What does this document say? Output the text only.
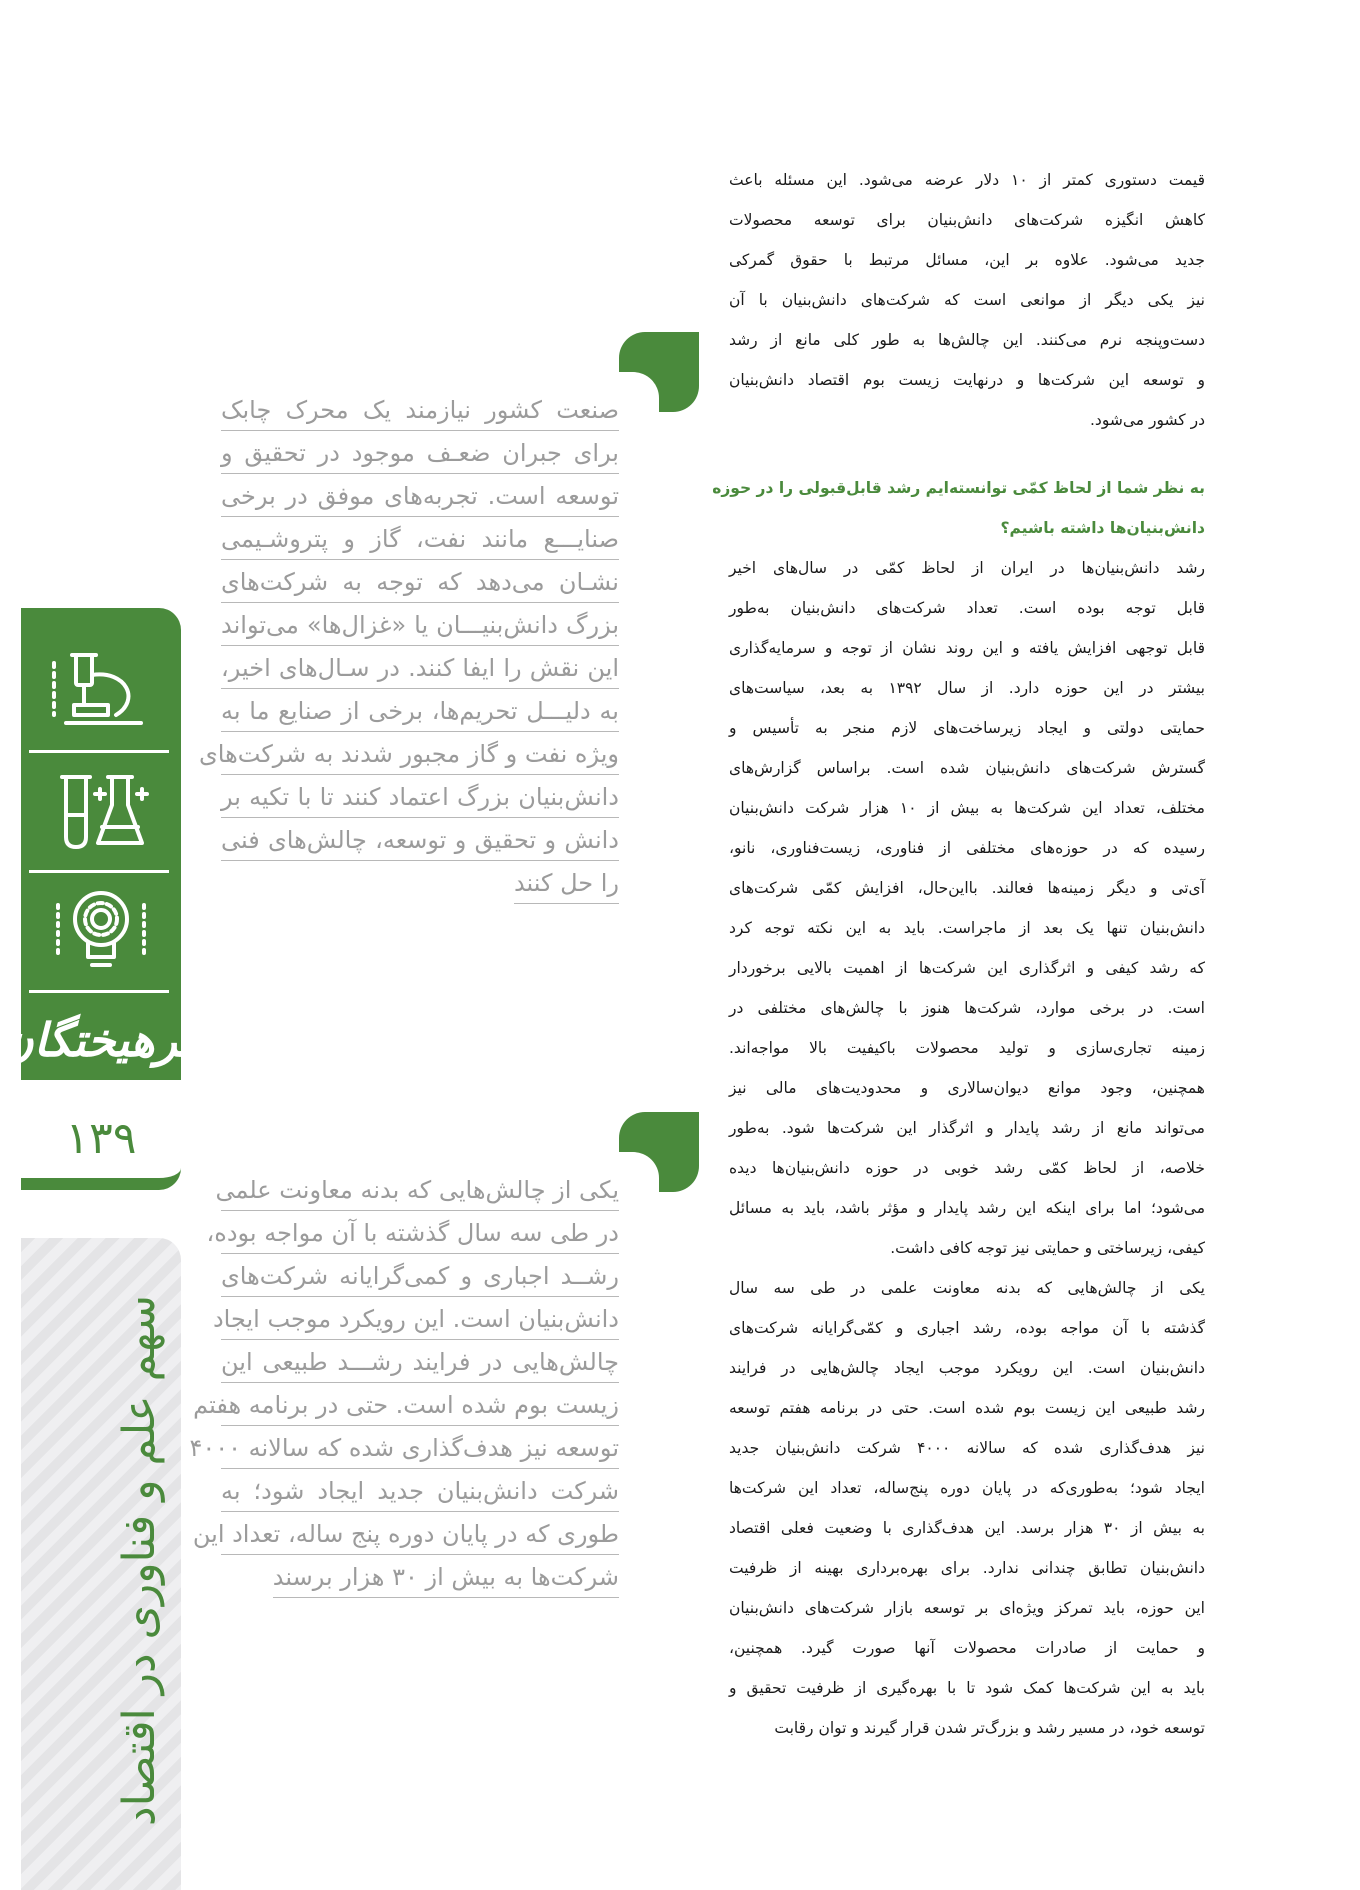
فرهیختگان
۱۳۹
سهم علم و فناوری در اقتصاد
صنعت کشور نیازمند یک محرک چابک
برای جبران ضعـف موجود در تحقیق و
توسعه است. تجربه‌های موفق در برخی
صنایـــع مانند نفت، گاز و پتروشـیمی
نشـان می‌دهد که توجه به شرکت‌های
بزرگ دانش‌بنیـــان یا «غزال‌ها» می‌تواند
این نقش را ایفا کنند. در سـال‌های اخیر،
به دلیـــل تحریم‌ها، برخی از صنایع ما به
ویژه نفت و گاز مجبور شدند به شرکت‌های
دانش‌بنیان بزرگ اعتماد کنند تا با تکیه بر
دانش و تحقیق و توسعه، چالش‌های فنی
را حل کنند
یکی از چالش‌هایی که بدنه معاونت علمی
در طی سه سال گذشته با آن مواجه بوده،
رشــد اجباری و کمی‌گرایانه شرکت‌های
دانش‌بنیان است. این رویکرد موجب ایجاد
چالش‌هایی در فرایند رشـــد طبیعی این
زیست بوم شده است. حتی در برنامه هفتم
توسعه نیز هدف‌گذاری شده که سالانه ۴۰۰۰
شرکت دانش‌بنیان جدید ایجاد شود؛ به
طوری که در پایان دوره پنج ساله، تعداد این
شرکت‌ها به بیش از ۳۰ هزار برسند

قیمت دستوری کمتر از ۱۰ دلار عرضه می‌شود. این مسئله باعث
کاهش انگیزه شرکت‌های دانش‌بنیان برای توسعه محصولات
جدید می‌شود. علاوه بر این، مسائل مرتبط با حقوق گمرکی
نیز یکی دیگر از موانعی است که شرکت‌های دانش‌بنیان با آن
دست‌وپنجه نرم می‌کنند. این چالش‌ها به طور کلی مانع از رشد
و توسعه این شرکت‌ها و درنهایت زیست بوم اقتصاد دانش‌بنیان
در کشور می‌شود.

به نظر شما از لحاظ کمّی توانسته‌ایم رشد قابل‌قبولی را در حوزه
دانش‌بنیان‌ها داشته باشیم؟

رشد دانش‌بنیان‌ها در ایران از لحاظ کمّی در سال‌های اخیر
قابل توجه بوده است. تعداد شرکت‌های دانش‌بنیان به‌طور
قابل توجهی افزایش یافته و این روند نشان از توجه و سرمایه‌گذاری
بیشتر در این حوزه دارد. از سال ۱۳۹۲ به بعد، سیاست‌های
حمایتی دولتی و ایجاد زیرساخت‌های لازم منجر به تأسیس و
گسترش شرکت‌های دانش‌بنیان شده است. براساس گزارش‌های
مختلف، تعداد این شرکت‌ها به بیش از ۱۰ هزار شرکت دانش‌بنیان
رسیده که در حوزه‌های مختلفی از فناوری، زیست‌فناوری، نانو،
آی‌تی و دیگر زمینه‌ها فعالند. بااین‌حال، افزایش کمّی شرکت‌های
دانش‌بنیان تنها یک بعد از ماجراست. باید به این نکته توجه کرد
که رشد کیفی و اثرگذاری این شرکت‌ها از اهمیت بالایی برخوردار
است. در برخی موارد، شرکت‌ها هنوز با چالش‌های مختلفی در
زمینه تجاری‌سازی و تولید محصولات باکیفیت بالا مواجه‌اند.
همچنین، وجود موانع دیوان‌سالاری و محدودیت‌های مالی نیز
می‌تواند مانع از رشد پایدار و اثرگذار این شرکت‌ها شود. به‌طور
خلاصه، از لحاظ کمّی رشد خوبی در حوزه دانش‌بنیان‌ها دیده
می‌شود؛ اما برای اینکه این رشد پایدار و مؤثر باشد، باید به مسائل
کیفی، زیرساختی و حمایتی نیز توجه کافی داشت.

یکی از چالش‌هایی که بدنه معاونت علمی در طی سه سال
گذشته با آن مواجه بوده، رشد اجباری و کمّی‌گرایانه شرکت‌های
دانش‌بنیان است. این رویکرد موجب ایجاد چالش‌هایی در فرایند
رشد طبیعی این زیست بوم شده است. حتی در برنامه هفتم توسعه
نیز هدف‌گذاری شده که سالانه ۴۰۰۰ شرکت دانش‌بنیان جدید
ایجاد شود؛ به‌طوری‌که در پایان دوره پنج‌ساله، تعداد این شرکت‌ها
به بیش از ۳۰ هزار برسد. این هدف‌گذاری با وضعیت فعلی اقتصاد
دانش‌بنیان تطابق چندانی ندارد. برای بهره‌برداری بهینه از ظرفیت
این حوزه، باید تمرکز ویژه‌ای بر توسعه بازار شرکت‌های دانش‌بنیان
و حمایت از صادرات محصولات آنها صورت گیرد. همچنین،
باید به این شرکت‌ها کمک شود تا با بهره‌گیری از ظرفیت تحقیق و
توسعه خود، در مسیر رشد و بزرگ‌تر شدن قرار گیرند و توان رقابت
